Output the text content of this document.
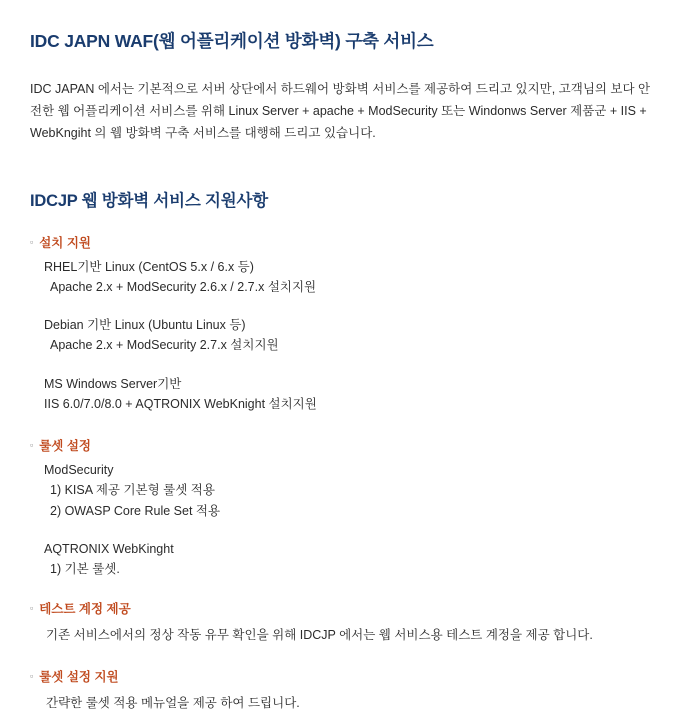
IDC JAPN WAF(웹 어플리케이션 방화벽) 구축 서비스

IDC JAPAN 에서는 기본적으로 서버 상단에서 하드웨어 방화벽 서비스를 제공하여 드리고 있지만, 고객님의 보다 안전한 웹 어플리케이션 서비스를 위해 Linux Server + apache + ModSecurity 또는 Windonws Server 제품군 + IIS + WebKngiht 의 웹 방화벽 구축 서비스를 대행해 드리고 있습니다.

IDCJP 웹 방화벽 서비스 지원사항
▫ 설치 지원
RHEL기반 Linux (CentOS 5.x / 6.x 등)
Apache 2.x + ModSecurity 2.6.x / 2.7.x 설치지원
Debian 기반 Linux (Ubuntu Linux 등)
Apache 2.x + ModSecurity 2.7.x 설치지원
MS Windows Server기반
IIS 6.0/7.0/8.0 + AQTRONIX WebKnight 설치지원
▫ 룰셋 설정
ModSecurity
1) KISA 제공 기본형 룰셋 적용
2) OWASP Core Rule Set 적용
AQTRONIX WebKinght
1) 기본 룰셋.
▫ 테스트 계정 제공
기존 서비스에서의 정상 작동 유무 확인을 위해 IDCJP 에서는 웹 서비스용 테스트 계정을 제공 합니다.
▫ 룰셋 설정 지원
간략한 룰셋 적용 메뉴얼을 제공 하여 드립니다.
